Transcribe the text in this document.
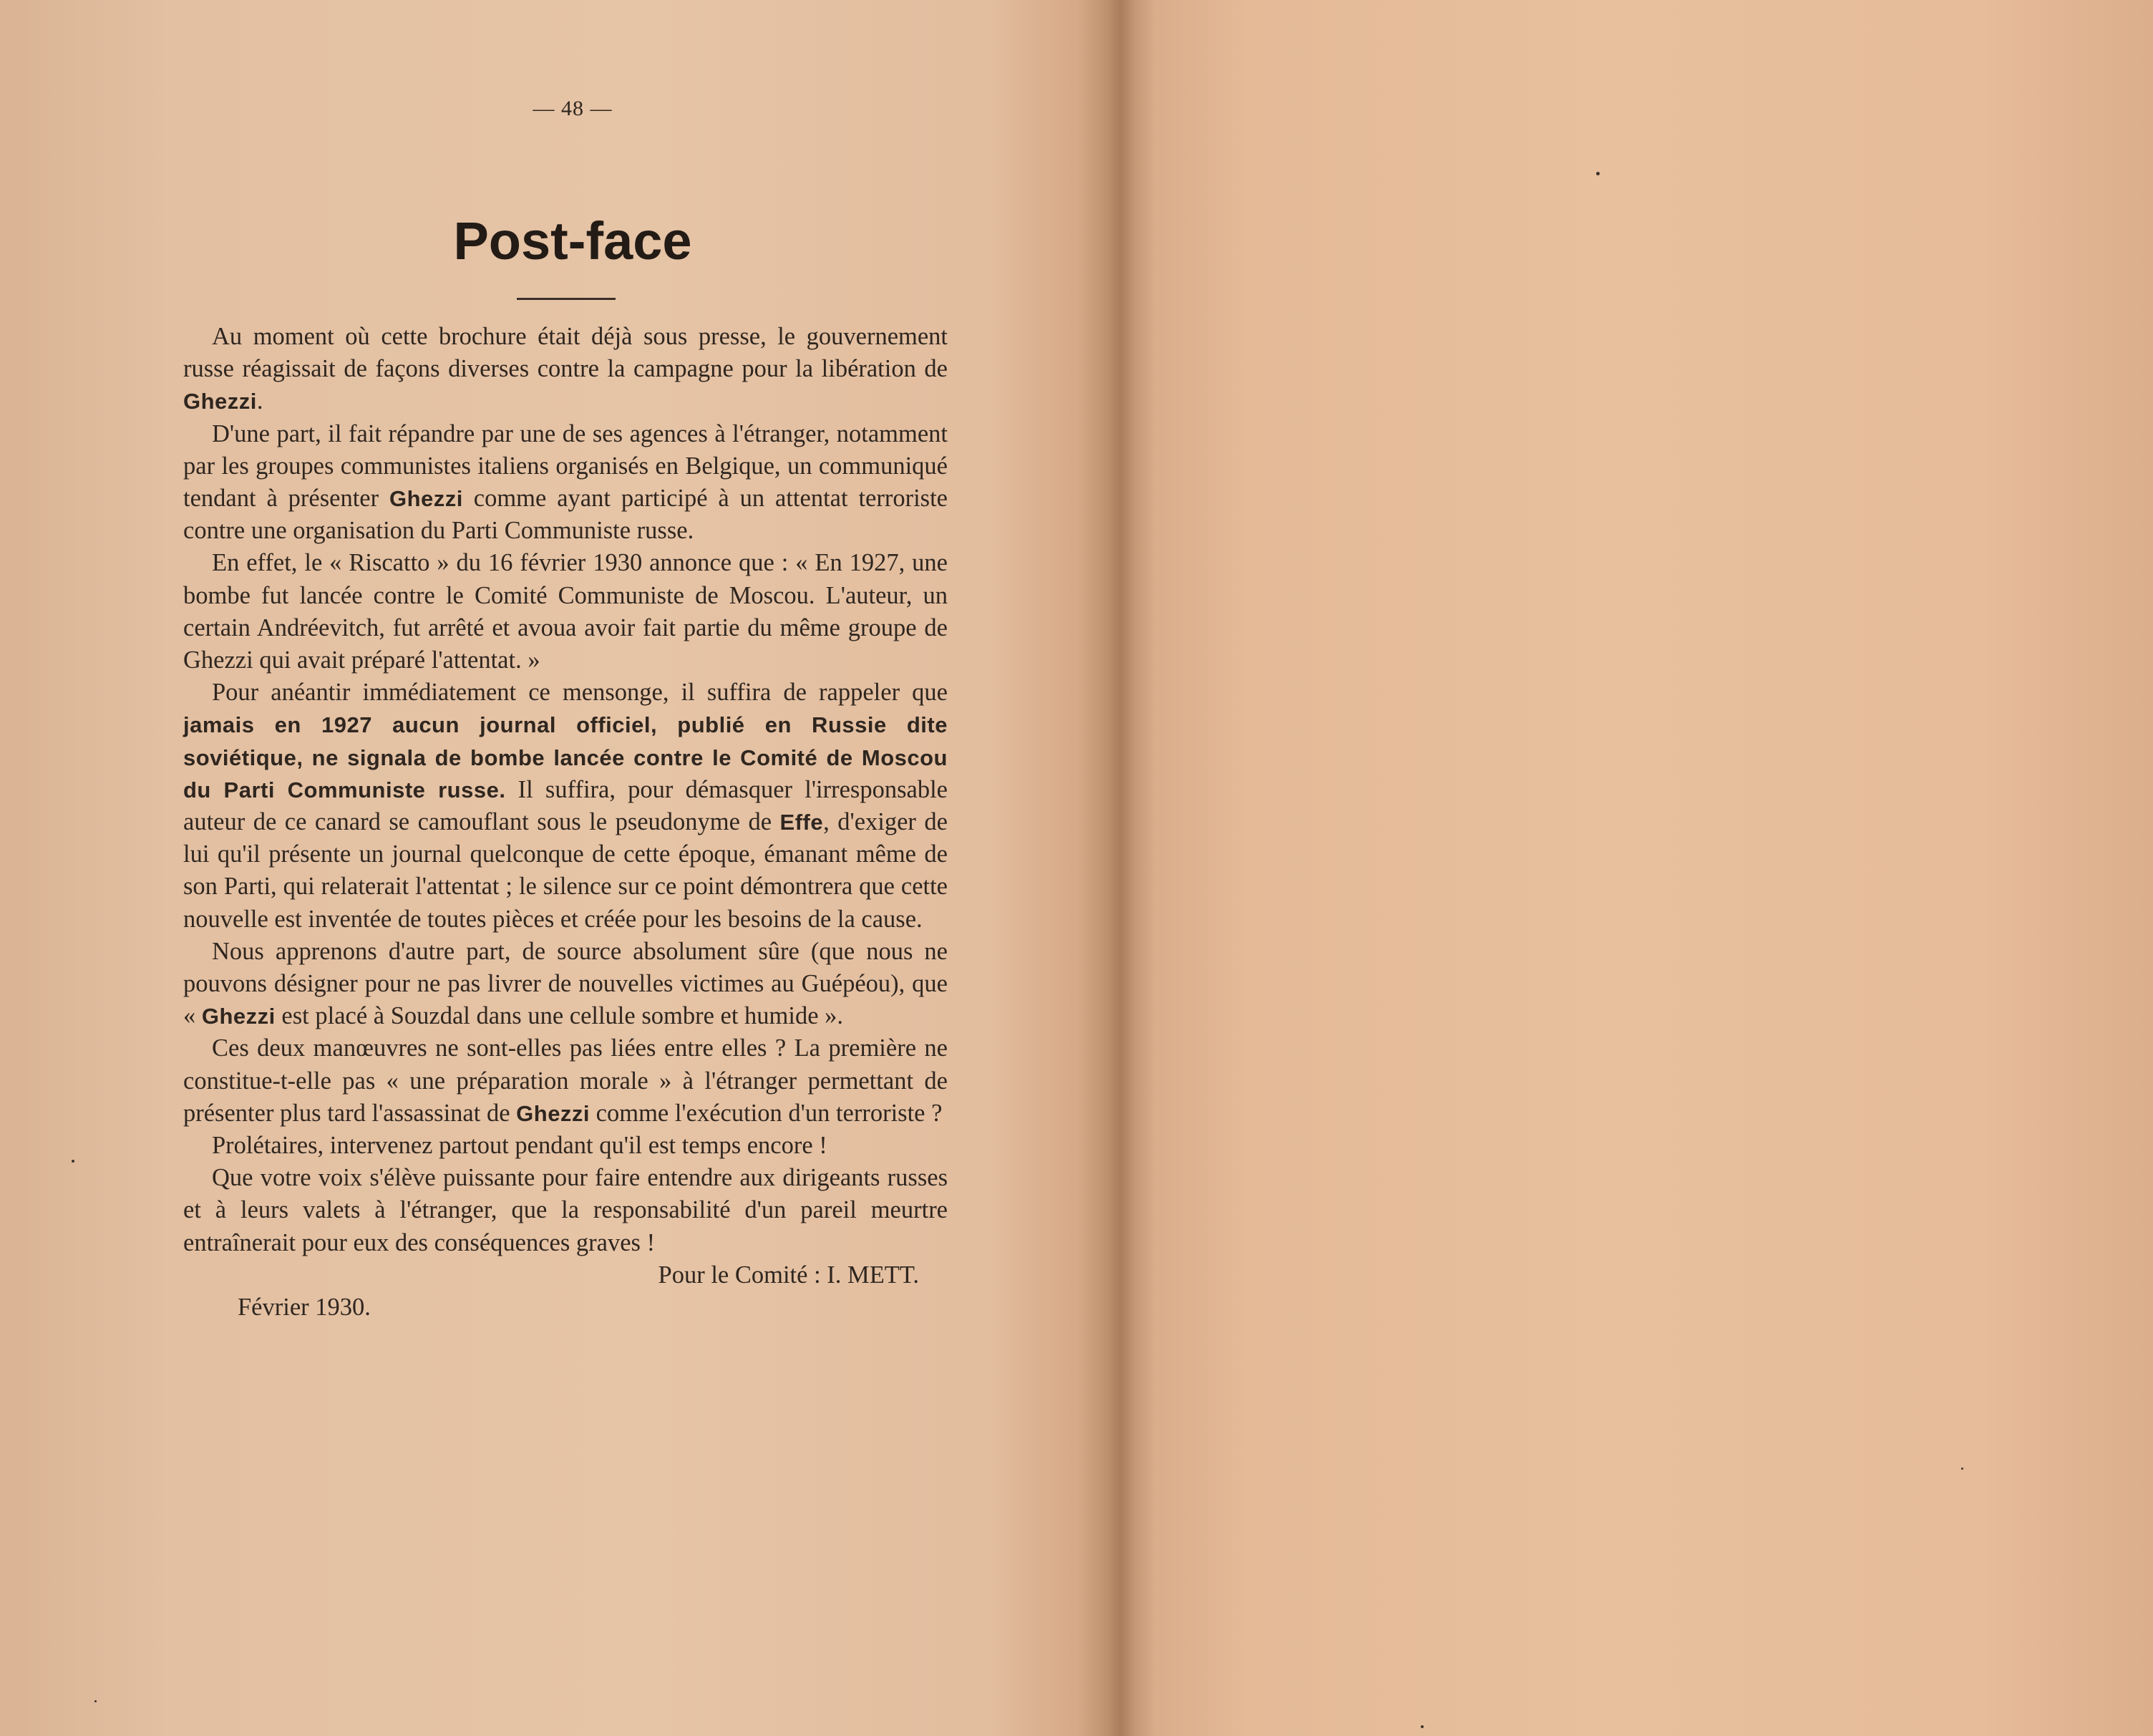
— 48 —
Post-face

Au moment où cette brochure était déjà sous presse, le gouvernement russe réagissait de façons diverses contre la campagne pour la libération de Ghezzi.

D'une part, il fait répandre par une de ses agences à l'étranger, notamment par les groupes communistes italiens organisés en Belgique, un communiqué tendant à présenter Ghezzi comme ayant participé à un attentat terroriste contre une organisation du Parti Communiste russe.

En effet, le « Riscatto » du 16 février 1930 annonce que : « En 1927, une bombe fut lancée contre le Comité Communiste de Moscou. L'auteur, un certain Andréevitch, fut arrêté et avoua avoir fait partie du même groupe de Ghezzi qui avait préparé l'attentat. »

Pour anéantir immédiatement ce mensonge, il suffira de rappeler que jamais en 1927 aucun journal officiel, publié en Russie dite soviétique, ne signala de bombe lancée contre le Comité de Moscou du Parti Communiste russe. Il suffira, pour démasquer l'irresponsable auteur de ce canard se camouflant sous le pseudonyme de Effe, d'exiger de lui qu'il présente un journal quelconque de cette époque, émanant même de son Parti, qui relaterait l'attentat ; le silence sur ce point démontrera que cette nouvelle est inventée de toutes pièces et créée pour les besoins de la cause.

Nous apprenons d'autre part, de source absolument sûre (que nous ne pouvons désigner pour ne pas livrer de nouvelles victimes au Guépéou), que « Ghezzi est placé à Souzdal dans une cellule sombre et humide ».

Ces deux manœuvres ne sont-elles pas liées entre elles ? La première ne constitue-t-elle pas « une préparation morale » à l'étranger permettant de présenter plus tard l'assassinat de Ghezzi comme l'exécution d'un terroriste ?

Prolétaires, intervenez partout pendant qu'il est temps encore !

Que votre voix s'élève puissante pour faire entendre aux dirigeants russes et à leurs valets à l'étranger, que la responsabilité d'un pareil meurtre entraînerait pour eux des conséquences graves !

Pour le Comité : I. METT.

Février 1930.
